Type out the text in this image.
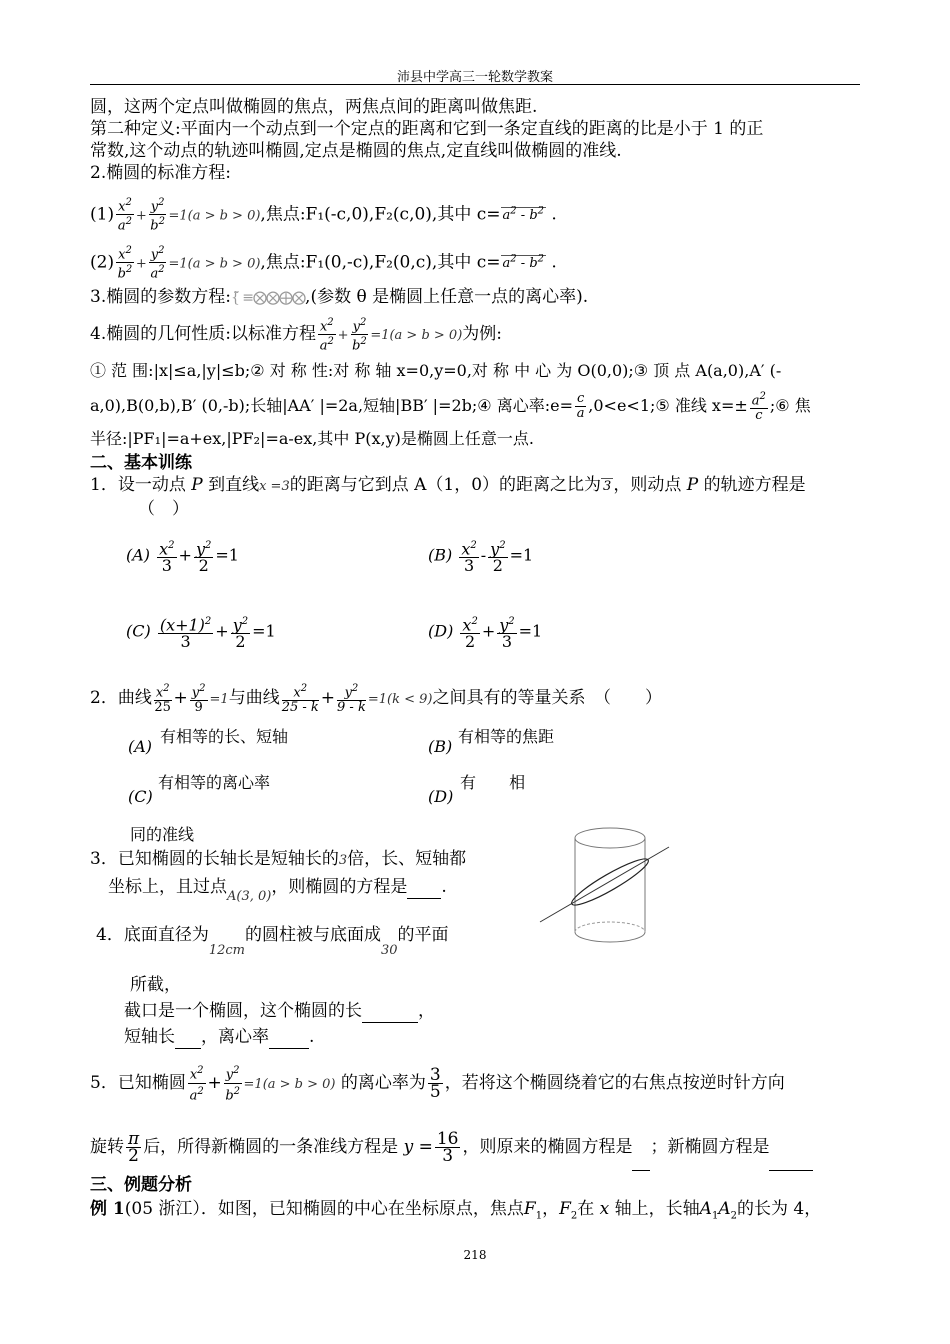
沛县中学高三一轮数学教案
圆，这两个定点叫做椭圆的焦点，两焦点间的距离叫做焦距.
第二种定义:平面内一个动点到一个定点的距离和它到一条定直线的距离的比是小于 1 的正
常数,这个动点的轨迹叫椭圆,定点是椭圆的焦点,定直线叫做椭圆的准线.
2.椭圆的标准方程:
$(1) \frac{x^2}{a^2} + \frac{y^2}{b^2} =1(a > b > 0)$,焦点:F₁(-c,0),F₂(c,0),其中 $c= a^2 - b^2$ .
$(2) \frac{x^2}{b^2} + \frac{y^2}{a^2} =1(a > b > 0)$,焦点:F₁(0,-c),F₂(0,c),其中 $c= a^2 - b^2$ .
3.椭圆的参数方程:{̃ ≡⨂⨂⨁⨂,(参数 θ 是椭圆上任意一点的离心率).
4.椭圆的几何性质:以标准方程 $\frac{x^2}{a^2} + \frac{y^2}{b^2} =1(a > b > 0)$为例:
① 范 围:|x|≤a,|y|≤b;② 对 称 性:对 称 轴 x=0,y=0,对 称 中 心 为 O(0,0);③ 顶 点 A(a,0),A′ (-
a,0),B(0,b),B′ (0,-b);长轴|AA′ |=2a,短轴|BB′ |=2b;④ 离心率:e= $\frac{c}{a}$ ,0<e<1;⑤ 准线 $x=\pm \frac{a^2}{c}$ ;⑥ 焦
半径:|PF₁|=a+ex,|PF₂|=a-ex,其中 P(x,y)是椭圆上任意一点.
二、基本训练
1．设一动点 P 到直线x =3的距离与它到点 A（1，0）的距离之比为 3 ，则动点 P 的轨迹方程是
（　）
$(A) \frac{x^2}{3} + \frac{y^2}{2} =1$	$(B) \frac{x^2}{3} - \frac{y^2}{2} =1$
$(C) \frac{(x+1)^2}{3} + \frac{y^2}{2} =1$	$(D) \frac{x^2}{2} + \frac{y^2}{3} =1$
2．曲线 $\frac{x^2}{25} + \frac{y^2}{9} =1$与曲线 $\frac{x^2}{25 - k} + \frac{y^2}{9 - k} =1(k < 9)$之间具有的等量关系　（　　）
(A)
有相等的长、短轴
(B)
有相等的焦距
(C)
有相等的离心率
(D)
有　 相
同的准线
3．已知椭圆的长轴长是短轴长的3倍，长、短轴都
坐标上，且过点$_{A(3, 0)}$，则椭圆的方程是 .
4．底面直径为$_{12cm}$的圆柱被与底面成$_{30}$的平面
所截，
截口是一个椭圆，这个椭圆的长	，
短轴长 ，离心率 .
5．已知椭圆 $\frac{x^2}{a^2} + \frac{y^2}{b^2} =1(a > b > 0)$ 的离心率为 $\frac{3}{5}$ ，若将这个椭圆绕着它的右焦点按逆时针方向
旋转 $\frac{\pi}{2}$ 后，所得新椭圆的一条准线方程是 $y = \frac{16}{3}$ ，则原来的椭圆方程是 ；新椭圆方程是
三、例题分析
例 1(05 浙江）．如图，已知椭圆的中心在坐标原点，焦点$F_1$，$F_2$在 x 轴上，长轴$A_1A_2$的长为 4，
218
